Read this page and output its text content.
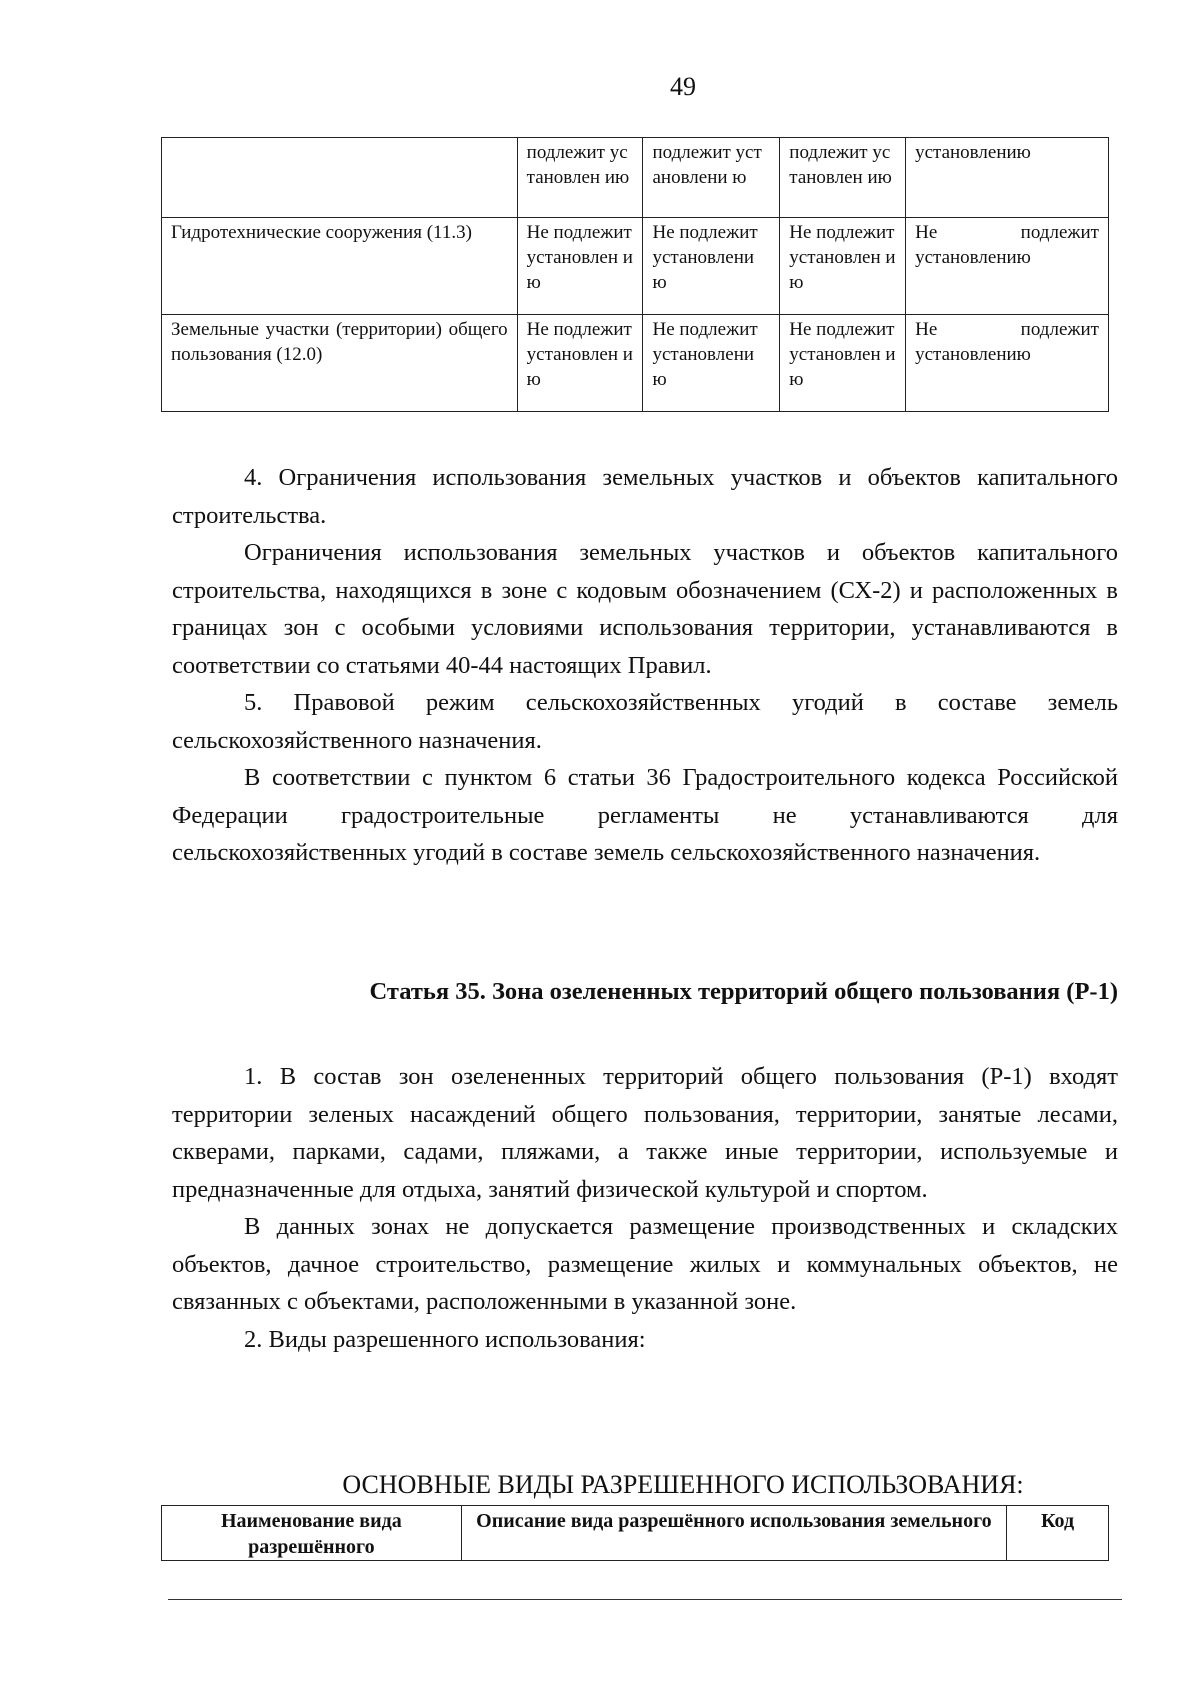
49
	подлежит установлен ию	подлежит установлени ю	подлежит установлен ию	установлению
Гидротехнические сооружения (11.3)	Не подлежит установлен ию	Не подлежит установлени ю	Не подлежит установлен ию	Не подлежит установлению
Земельные участки (территории) общего пользования (12.0)	Не подлежит установлен ию	Не подлежит установлени ю	Не подлежит установлен ию	Не подлежит установлению

4. Ограничения использования земельных участков и объектов капитального строительства.

Ограничения использования земельных участков и объектов капитального строительства, находящихся в зоне с кодовым обозначением (СХ-2) и расположенных в границах зон с особыми условиями использования территории, устанавливаются в соответствии со статьями 40-44 настоящих Правил.

5. Правовой режим сельскохозяйственных угодий в составе земель сельскохозяйственного назначения.

В соответствии с пунктом 6 статьи 36 Градостроительного кодекса Российской Федерации градостроительные регламенты не устанавливаются для сельскохозяйственных угодий в составе земель сельскохозяйственного назначения.

Статья 35. Зона озелененных территорий общего пользования (Р-1)

1. В состав зон озелененных территорий общего пользования (Р-1) входят территории зеленых насаждений общего пользования, территории, занятые лесами, скверами, парками, садами, пляжами, а также иные территории, используемые и предназначенные для отдыха, занятий физической культурой и спортом.

В данных зонах не допускается размещение производственных и складских объектов, дачное строительство, размещение жилых и коммунальных объектов, не связанных с объектами, расположенными в указанной зоне.

2. Виды разрешенного использования:

ОСНОВНЫЕ ВИДЫ РАЗРЕШЕННОГО ИСПОЛЬЗОВАНИЯ:
Наименование вида разрешённого	Описание вида разрешённого использования земельного	Код
